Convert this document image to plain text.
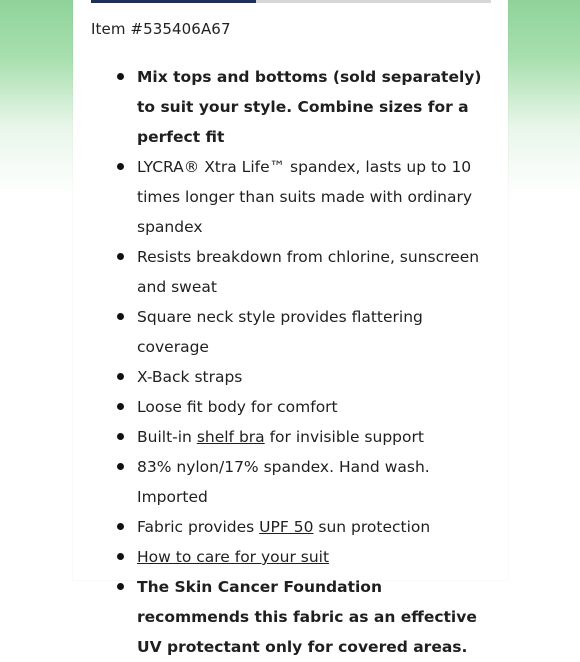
Item #535406A67
Mix tops and bottoms (sold separately) to suit your style. Combine sizes for a perfect fit
LYCRA® Xtra Life™ spandex, lasts up to 10 times longer than suits made with ordinary spandex
Resists breakdown from chlorine, sunscreen and sweat
Square neck style provides flattering coverage
X-Back straps
Loose fit body for comfort
Built-in shelf bra for invisible support
83% nylon/17% spandex. Hand wash. Imported
Fabric provides UPF 50 sun protection
How to care for your suit
The Skin Cancer Foundation recommends this fabric as an effective UV protectant only for covered areas.
